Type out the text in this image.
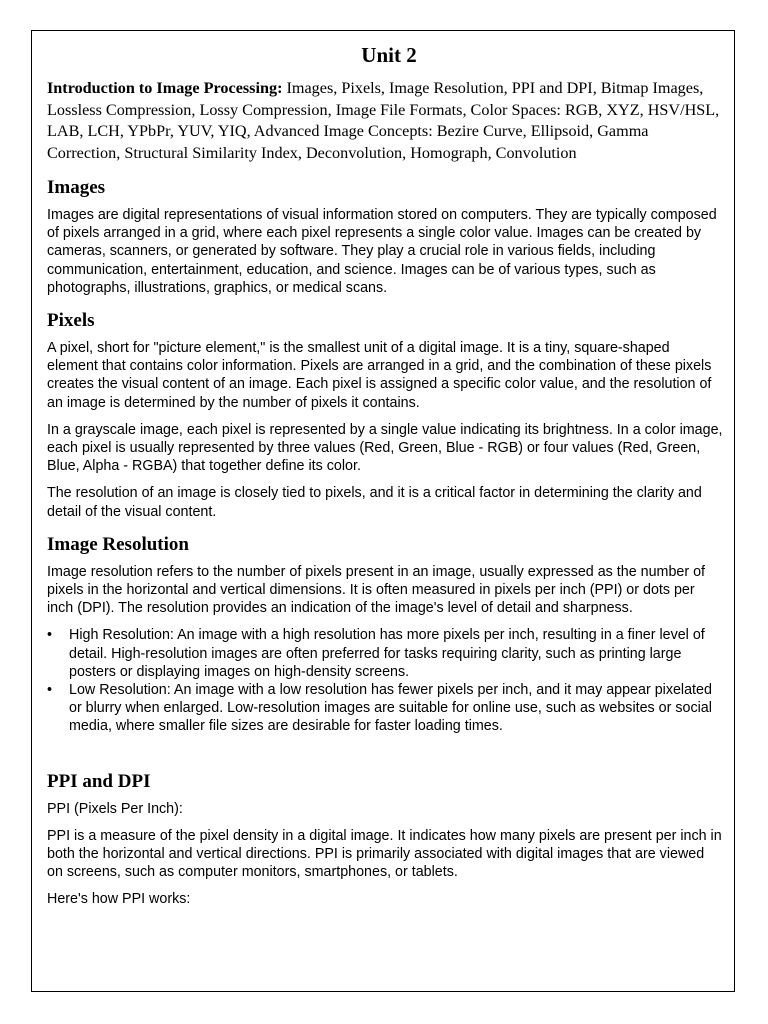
Unit 2
Introduction to Image Processing: Images, Pixels, Image Resolution, PPI and DPI, Bitmap Images, Lossless Compression, Lossy Compression, Image File Formats, Color Spaces: RGB, XYZ, HSV/HSL, LAB, LCH, YPbPr, YUV, YIQ, Advanced Image Concepts: Bezire Curve, Ellipsoid, Gamma Correction, Structural Similarity Index, Deconvolution, Homograph, Convolution
Images

Images are digital representations of visual information stored on computers. They are typically composed of pixels arranged in a grid, where each pixel represents a single color value. Images can be created by cameras, scanners, or generated by software. They play a crucial role in various fields, including communication, entertainment, education, and science. Images can be of various types, such as photographs, illustrations, graphics, or medical scans.

Pixels

A pixel, short for "picture element," is the smallest unit of a digital image. It is a tiny, square-shaped element that contains color information. Pixels are arranged in a grid, and the combination of these pixels creates the visual content of an image. Each pixel is assigned a specific color value, and the resolution of an image is determined by the number of pixels it contains.

In a grayscale image, each pixel is represented by a single value indicating its brightness. In a color image, each pixel is usually represented by three values (Red, Green, Blue - RGB) or four values (Red, Green, Blue, Alpha - RGBA) that together define its color.

The resolution of an image is closely tied to pixels, and it is a critical factor in determining the clarity and detail of the visual content.

Image Resolution

Image resolution refers to the number of pixels present in an image, usually expressed as the number of pixels in the horizontal and vertical dimensions. It is often measured in pixels per inch (PPI) or dots per inch (DPI). The resolution provides an indication of the image's level of detail and sharpness.

• High Resolution: An image with a high resolution has more pixels per inch, resulting in a finer level of detail. High-resolution images are often preferred for tasks requiring clarity, such as printing large posters or displaying images on high-density screens.
• Low Resolution: An image with a low resolution has fewer pixels per inch, and it may appear pixelated or blurry when enlarged. Low-resolution images are suitable for online use, such as websites or social media, where smaller file sizes are desirable for faster loading times.
PPI and DPI

PPI (Pixels Per Inch):

PPI is a measure of the pixel density in a digital image. It indicates how many pixels are present per inch in both the horizontal and vertical directions. PPI is primarily associated with digital images that are viewed on screens, such as computer monitors, smartphones, or tablets.

Here's how PPI works:
